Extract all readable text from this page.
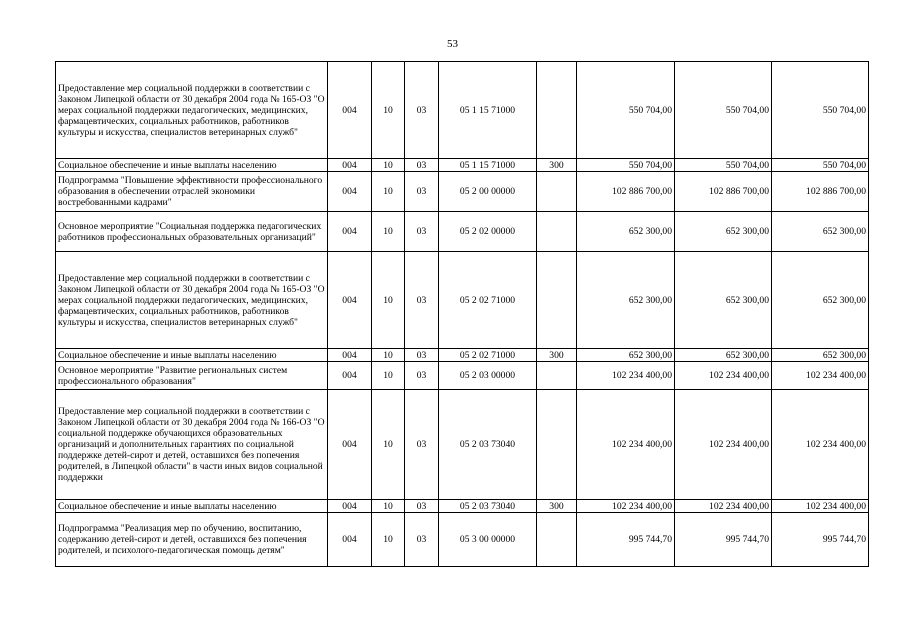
53
Предоставление мер социальной поддержки в соответствии с Законом Липецкой области от 30 декабря 2004 года № 165-ОЗ "О мерах социальной поддержки педагогических, медицинских, фармацевтических, социальных работников, работников культуры и искусства, специалистов ветеринарных служб"	004	10	03	05 1 15 71000		550 704,00	550 704,00	550 704,00
Социальное обеспечение и иные выплаты населению	004	10	03	05 1 15 71000	300	550 704,00	550 704,00	550 704,00
Подпрограмма "Повышение эффективности профессионального образования в обеспечении отраслей экономики востребованными кадрами"	004	10	03	05 2 00 00000		102 886 700,00	102 886 700,00	102 886 700,00
Основное мероприятие "Социальная поддержка педагогических работников профессиональных образовательных организаций"	004	10	03	05 2 02 00000		652 300,00	652 300,00	652 300,00
Предоставление мер социальной поддержки в соответствии с Законом Липецкой области от 30 декабря 2004 года № 165-ОЗ "О мерах социальной поддержки педагогических, медицинских, фармацевтических, социальных работников, работников культуры и искусства, специалистов ветеринарных служб"	004	10	03	05 2 02 71000		652 300,00	652 300,00	652 300,00
Социальное обеспечение и иные выплаты населению	004	10	03	05 2 02 71000	300	652 300,00	652 300,00	652 300,00
Основное мероприятие "Развитие региональных систем профессионального образования"	004	10	03	05 2 03 00000		102 234 400,00	102 234 400,00	102 234 400,00
Предоставление мер социальной поддержки в соответствии с Законом Липецкой области от 30 декабря 2004 года № 166-ОЗ "О социальной поддержке обучающихся образовательных организаций и дополнительных гарантиях по социальной поддержке детей-сирот и детей, оставшихся без попечения родителей, в Липецкой области" в части иных видов социальной поддержки	004	10	03	05 2 03 73040		102 234 400,00	102 234 400,00	102 234 400,00
Социальное обеспечение и иные выплаты населению	004	10	03	05 2 03 73040	300	102 234 400,00	102 234 400,00	102 234 400,00
Подпрограмма "Реализация мер по обучению, воспитанию, содержанию детей-сирот и детей, оставшихся без попечения родителей, и психолого-педагогическая помощь детям"	004	10	03	05 3 00 00000		995 744,70	995 744,70	995 744,70
